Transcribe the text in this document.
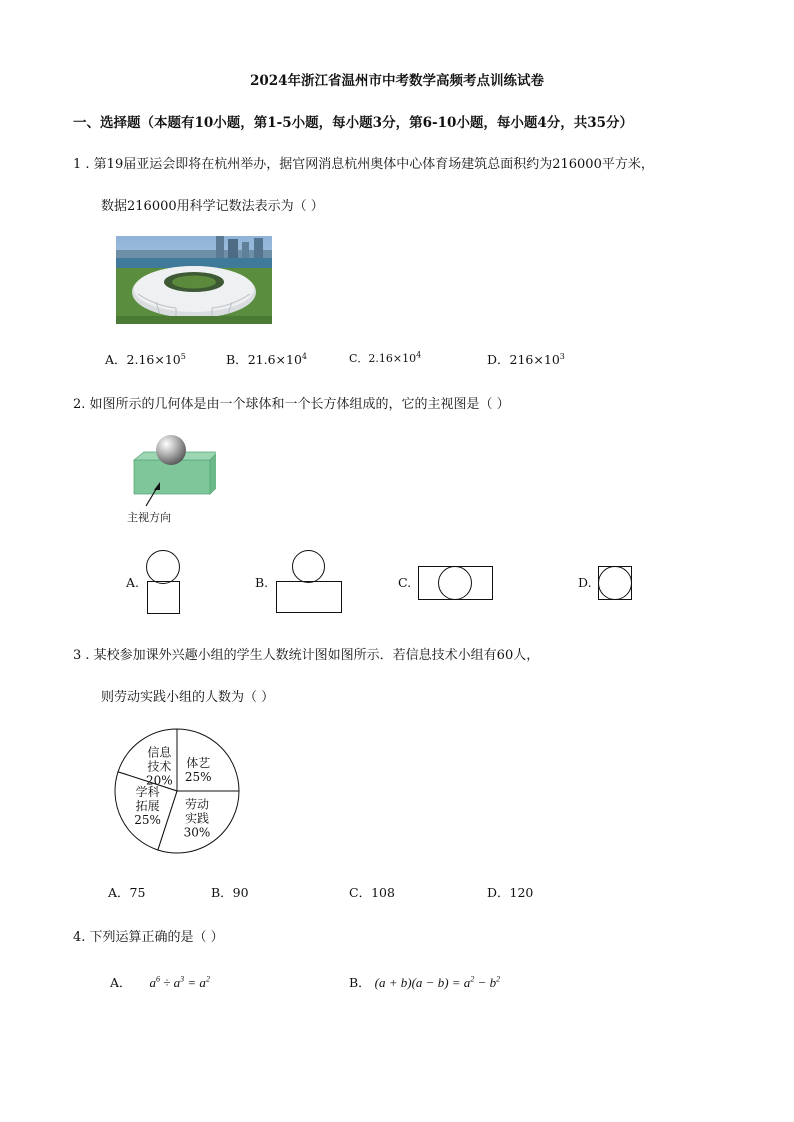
2024年浙江省温州市中考数学高频考点训练试卷
一、选择题（本题有10小题，第1-5小题，每小题3分，第6-10小题，每小题4分，共35分）
1 . 第19届亚运会即将在杭州举办，据官网消息杭州奥体中心体育场建筑总面积约为216000平方米，
数据216000用科学记数法表示为（ ）
A．$2.16\times 10^5$	B．$21.6\times 10^4$	C．$2.16\times 10^4$	D．$216\times 10^3$
2. 如图所示的几何体是由一个球体和一个长方体组成的，它的主视图是（ ）
主视方向
A.	B.	C.	D.
3 . 某校参加课外兴趣小组的学生人数统计图如图所示．若信息技术小组有60人，
则劳动实践小组的人数为（ ）
信息
技术
20%
体艺
25%
劳动
实践
30%
学科
拓展
25%
A．75	B．90	C．108	D．120
4. 下列运算正确的是（ ）
A． $a^6 \div a^3 = a^2$	B． $(a + b)(a - b) = a^2 - b^2$
